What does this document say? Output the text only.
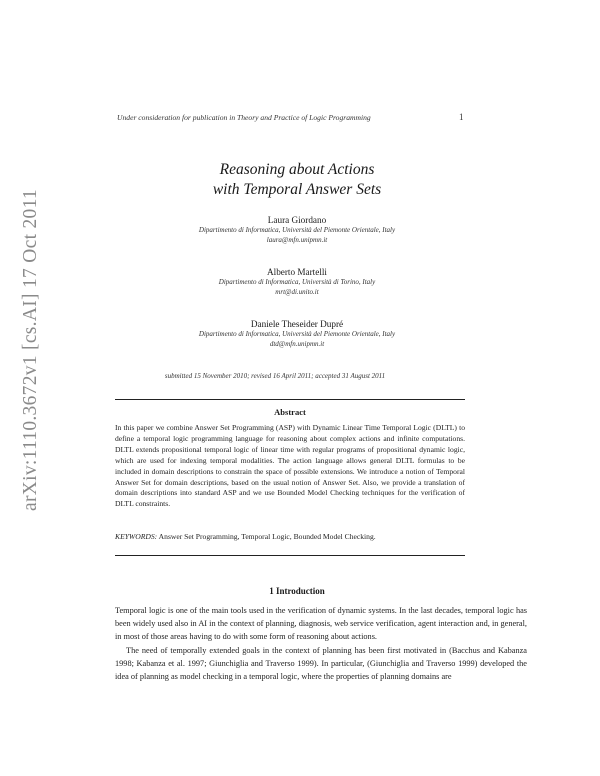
arXiv:1110.3672v1 [cs.AI] 17 Oct 2011
Under consideration for publication in Theory and Practice of Logic Programming	1
Reasoning about Actions
with Temporal Answer Sets
Laura Giordano
Dipartimento di Informatica, Università del Piemonte Orientale, Italy
laura@mfn.unipmn.it
Alberto Martelli
Dipartimento di Informatica, Università di Torino, Italy
mrt@di.unito.it
Daniele Theseider Dupré
Dipartimento di Informatica, Università del Piemonte Orientale, Italy
dtd@mfn.unipmn.it
submitted 15 November 2010; revised 16 April 2011; accepted 31 August 2011
Abstract
In this paper we combine Answer Set Programming (ASP) with Dynamic Linear Time Temporal Logic (DLTL) to define a temporal logic programming language for reasoning about complex actions and infinite computations. DLTL extends propositional temporal logic of linear time with regular programs of propositional dynamic logic, which are used for indexing temporal modalities. The action language allows general DLTL formulas to be included in domain descriptions to constrain the space of possible extensions. We introduce a notion of Temporal Answer Set for domain descriptions, based on the usual notion of Answer Set. Also, we provide a translation of domain descriptions into standard ASP and we use Bounded Model Checking techniques for the verification of DLTL constraints.
KEYWORDS: Answer Set Programming, Temporal Logic, Bounded Model Checking.
1 Introduction

Temporal logic is one of the main tools used in the verification of dynamic systems. In the last decades, temporal logic has been widely used also in AI in the context of planning, diagnosis, web service verification, agent interaction and, in general, in most of those areas having to do with some form of reasoning about actions.

The need of temporally extended goals in the context of planning has been first motivated in (Bacchus and Kabanza 1998; Kabanza et al. 1997; Giunchiglia and Traverso 1999). In particular, (Giunchiglia and Traverso 1999) developed the idea of planning as model checking in a temporal logic, where the properties of planning domains are
